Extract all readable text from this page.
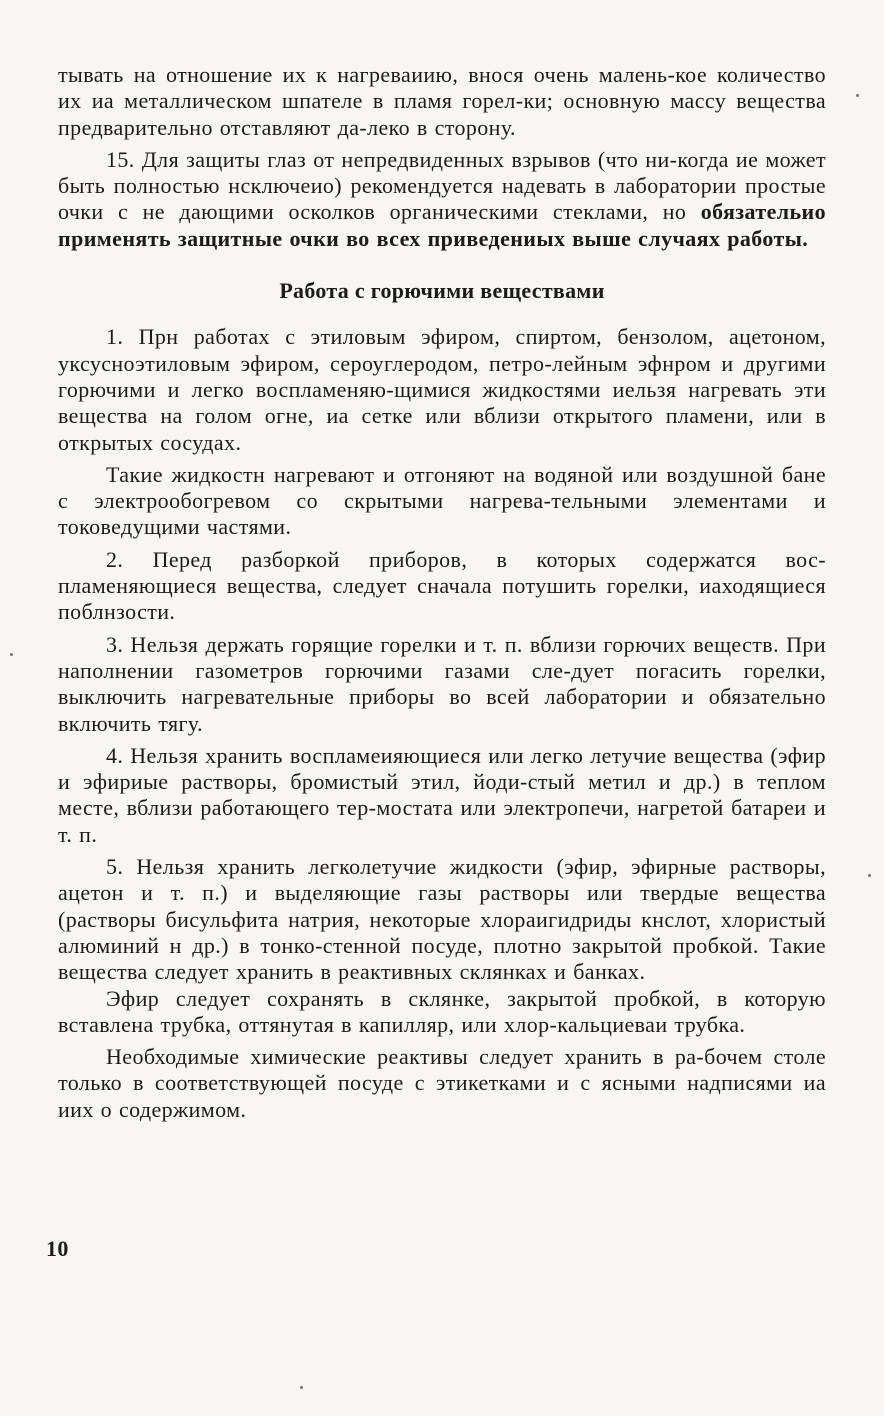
тывать на отношение их к нагреваиию, внося очень малень-кое количество их иа металлическом шпателе в пламя горел-ки; основную массу вещества предварительно отставляют да-леко в сторону.

15. Для защиты глаз от непредвиденных взрывов (что ни-когда ие может быть полностью нсключеио) рекомендуется надевать в лаборатории простые очки с не дающими осколков органическими стеклами, но обязательио применять защитные очки во всех приведениых выше случаях работы.

Работа с горючими веществами

1. Прн работах с этиловым эфиром, спиртом, бензолом, ацетоном, уксусноэтиловым эфиром, сероуглеродом, петро-лейным эфнром и другими горючими и легко воспламеняю-щимися жидкостями иельзя нагревать эти вещества на голом огне, иа сетке или вблизи открытого пламени, или в открытых сосудах.

Такие жидкостн нагревают и отгоняют на водяной или воздушной бане с электрообогревом со скрытыми нагрева-тельными элементами и токоведущими частями.

2. Перед разборкой приборов, в которых содержатся вос-пламеняющиеся вещества, следует сначала потушить горелки, иаходящиеся поблнзости.

3. Нельзя держать горящие горелки и т. п. вблизи горючих веществ. При наполнении газометров горючими газами сле-дует погасить горелки, выключить нагревательные приборы во всей лаборатории и обязательно включить тягу.

4. Нельзя хранить воспламеияющиеся или легко летучие вещества (эфир и эфириые растворы, бромистый этил, йоди-стый метил и др.) в теплом месте, вблизи работающего тер-мостата или электропечи, нагретой батареи и т. п.

5. Нельзя хранить легколетучие жидкости (эфир, эфирные растворы, ацетон и т. п.) и выделяющие газы растворы или твердые вещества (растворы бисульфита натрия, некоторые хлораигидриды кнслот, хлористый алюминий н др.) в тонко-стенной посуде, плотно закрытой пробкой. Такие вещества следует хранить в реактивных склянках и банках.

Эфир следует сохранять в склянке, закрытой пробкой, в которую вставлена трубка, оттянутая в капилляр, или хлор-кальциеваи трубка.

Необходимые химические реактивы следует хранить в ра-бочем столе только в соответствующей посуде с этикетками и с ясными надписями иа иих о содержимом.

10
